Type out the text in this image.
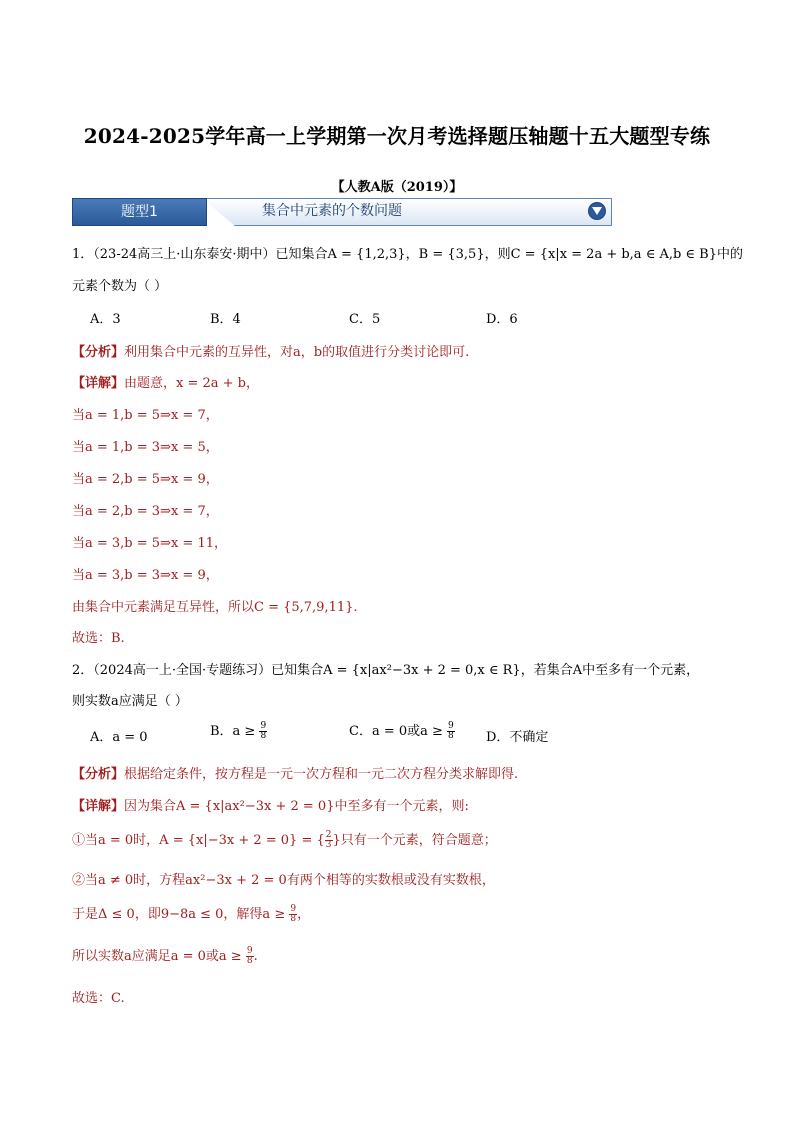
2024-2025学年高一上学期第一次月考选择题压轴题十五大题型专练
【人教A版（2019）】
题型1	集合中元素的个数问题
1．（23-24高三上·山东泰安·期中）已知集合A = {1,2,3}，B = {3,5}，则C = {x|x = 2a + b,a ∈ A,b ∈ B}中的
元素个数为（ ）
A．3	B．4	C．5	D．6
【分析】利用集合中元素的互异性，对a，b的取值进行分类讨论即可.
【详解】由题意，x = 2a + b，
当a = 1,b = 5⇒x = 7，
当a = 1,b = 3⇒x = 5，
当a = 2,b = 5⇒x = 9，
当a = 2,b = 3⇒x = 7，
当a = 3,b = 5⇒x = 11，
当a = 3,b = 3⇒x = 9，
由集合中元素满足互异性，所以C = {5,7,9,11}.
故选：B.
2．（2024高一上·全国·专题练习）已知集合A = {x|ax²−3x + 2 = 0,x ∈ R}，若集合A中至多有一个元素，
则实数a应满足（ ）
A．a = 0	B．$a \ge \frac{9}{8}$	C．a = 0或$a \ge \frac{9}{8}$ D．不确定
【分析】根据给定条件，按方程是一元一次方程和一元二次方程分类求解即得.
【详解】因为集合A = {x|ax²−3x + 2 = 0}中至多有一个元素，则:
①当a = 0时，A = {x|−3x + 2 = 0} = { $\frac{2}{3}$ }只有一个元素，符合题意；
②当a ≠ 0时，方程ax²−3x + 2 = 0有两个相等的实数根或没有实数根，
于是Δ ≤ 0，即9−8a ≤ 0，解得$a \ge \frac{9}{8}$ ，
所以实数a应满足a = 0或$a \ge \frac{9}{8}$ .
故选：C.
